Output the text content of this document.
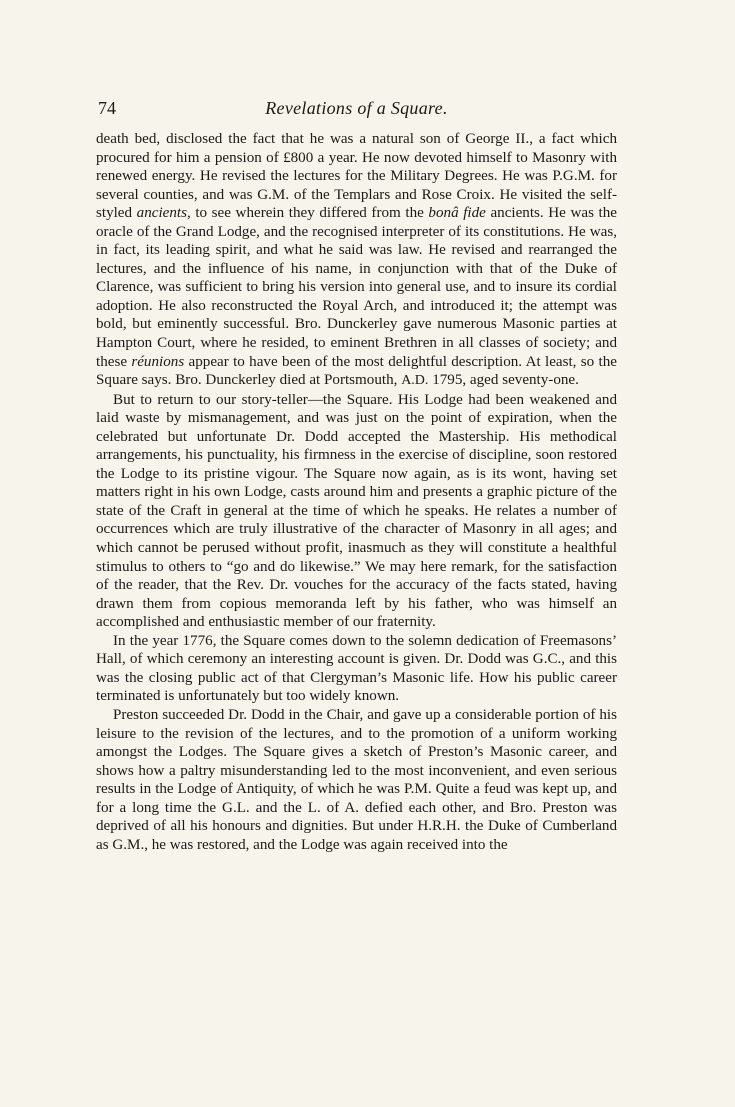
74	Revelations of a Square.

death bed, disclosed the fact that he was a natural son of George II., a fact which procured for him a pension of £800 a year. He now devoted himself to Masonry with renewed energy. He revised the lectures for the Military Degrees. He was P.G.M. for several counties, and was G.M. of the Templars and Rose Croix. He visited the self-styled ancients, to see wherein they differed from the bonâ fide ancients. He was the oracle of the Grand Lodge, and the recognised interpreter of its constitutions. He was, in fact, its leading spirit, and what he said was law. He revised and rearranged the lectures, and the influence of his name, in conjunction with that of the Duke of Clarence, was sufficient to bring his version into general use, and to insure its cordial adoption. He also reconstructed the Royal Arch, and introduced it; the attempt was bold, but eminently successful. Bro. Dunckerley gave numerous Masonic parties at Hampton Court, where he resided, to eminent Brethren in all classes of society; and these réunions appear to have been of the most delightful description. At least, so the Square says. Bro. Dunckerley died at Portsmouth, A.D. 1795, aged seventy-one.

But to return to our story-teller—the Square. His Lodge had been weakened and laid waste by mismanagement, and was just on the point of expiration, when the celebrated but unfortunate Dr. Dodd accepted the Mastership. His methodical arrangements, his punctuality, his firmness in the exercise of discipline, soon restored the Lodge to its pristine vigour. The Square now again, as is its wont, having set matters right in his own Lodge, casts around him and presents a graphic picture of the state of the Craft in general at the time of which he speaks. He relates a number of occurrences which are truly illustrative of the character of Masonry in all ages; and which cannot be perused without profit, inasmuch as they will constitute a healthful stimulus to others to “go and do likewise.” We may here remark, for the satisfaction of the reader, that the Rev. Dr. vouches for the accuracy of the facts stated, having drawn them from copious memoranda left by his father, who was himself an accomplished and enthusiastic member of our fraternity.

In the year 1776, the Square comes down to the solemn dedication of Freemasons’ Hall, of which ceremony an interesting account is given. Dr. Dodd was G.C., and this was the closing public act of that Clergyman’s Masonic life. How his public career terminated is unfortunately but too widely known.

Preston succeeded Dr. Dodd in the Chair, and gave up a considerable portion of his leisure to the revision of the lectures, and to the promotion of a uniform working amongst the Lodges. The Square gives a sketch of Preston’s Masonic career, and shows how a paltry misunderstanding led to the most inconvenient, and even serious results in the Lodge of Antiquity, of which he was P.M. Quite a feud was kept up, and for a long time the G.L. and the L. of A. defied each other, and Bro. Preston was deprived of all his honours and dignities. But under H.R.H. the Duke of Cumberland as G.M., he was restored, and the Lodge was again received into the
